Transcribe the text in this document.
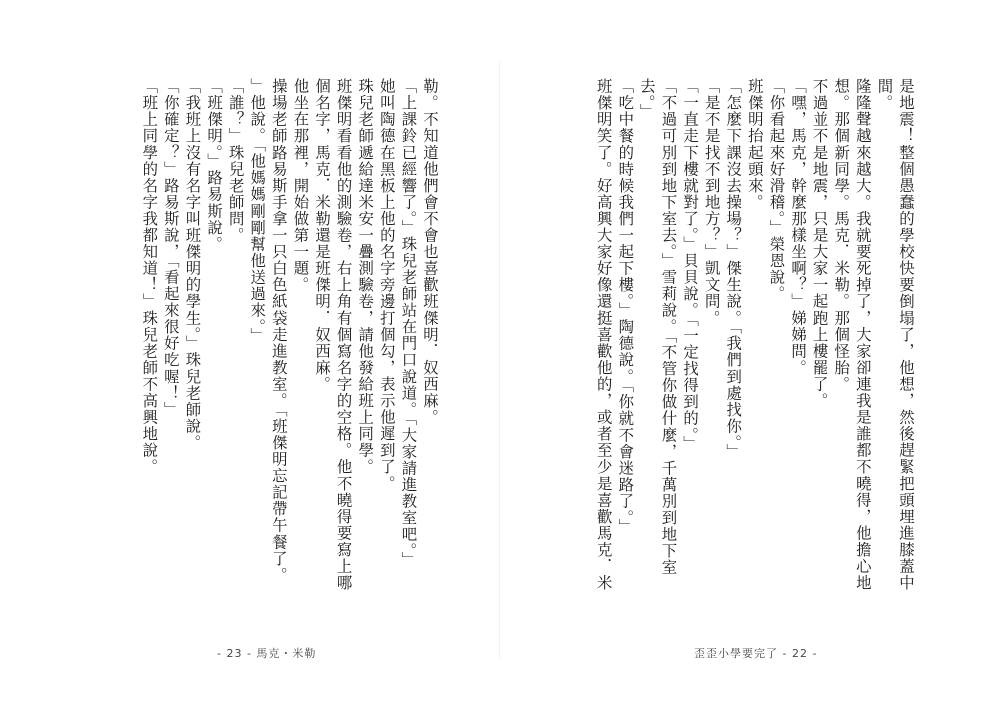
勒。不知道他們會不會也喜歡班傑明．奴西麻。

「上課鈴已經響了。」珠兒老師站在門口說道。「大家請進教室吧。」

她叫陶德在黑板上他的名字旁邊打個勾，表示他遲到了。

珠兒老師遞給達米安一疊測驗卷，請他發給班上同學。

班傑明看看他的測驗卷，右上角有個寫名字的空格。他不曉得要寫上哪

個名字，馬克．米勒還是班傑明．奴西麻。

他坐在那裡，開始做第一題。

操場老師路易斯手拿一只白色紙袋走進教室。「班傑明忘記帶午餐了。

」他說。「他媽媽剛剛幫他送過來。」

「誰？」珠兒老師問。

「班傑明。」路易斯說。

「我班上沒有名字叫班傑明的學生。」珠兒老師說。

「你確定？」路易斯說，「看起來很好吃喔！」

「班上同學的名字我都知道！」珠兒老師不高興地說。	是地震！整個愚蠢的學校快要倒塌了，他想，然後趕緊把頭埋進膝蓋中間。

隆隆聲越來越大。我就要死掉了，大家卻連我是誰都不曉得，他擔心地

想。那個新同學。馬克．米勒。那個怪胎。

不過並不是地震，只是大家一起跑上樓罷了。

「嘿，馬克，幹麼那樣坐啊？」娣娣問。

「你看起來好滑稽。」榮恩說。

班傑明抬起頭來。

「怎麼下課沒去操場？」傑生說。「我們到處找你。」

「是不是找不到地方？」凱文問。

「一直走下樓就對了。」貝貝說。「一定找得到的。」

「不過可別到地下室去。」雪莉說。「不管你做什麼，千萬別到地下室

去。」

「吃中餐的時候我們一起下樓。」陶德說。「你就不會迷路了。」

班傑明笑了。好高興大家好像還挺喜歡他的，或者至少是喜歡馬克．米

- 23 - 馬克・米勒	歪歪小學要完了 - 22 -
